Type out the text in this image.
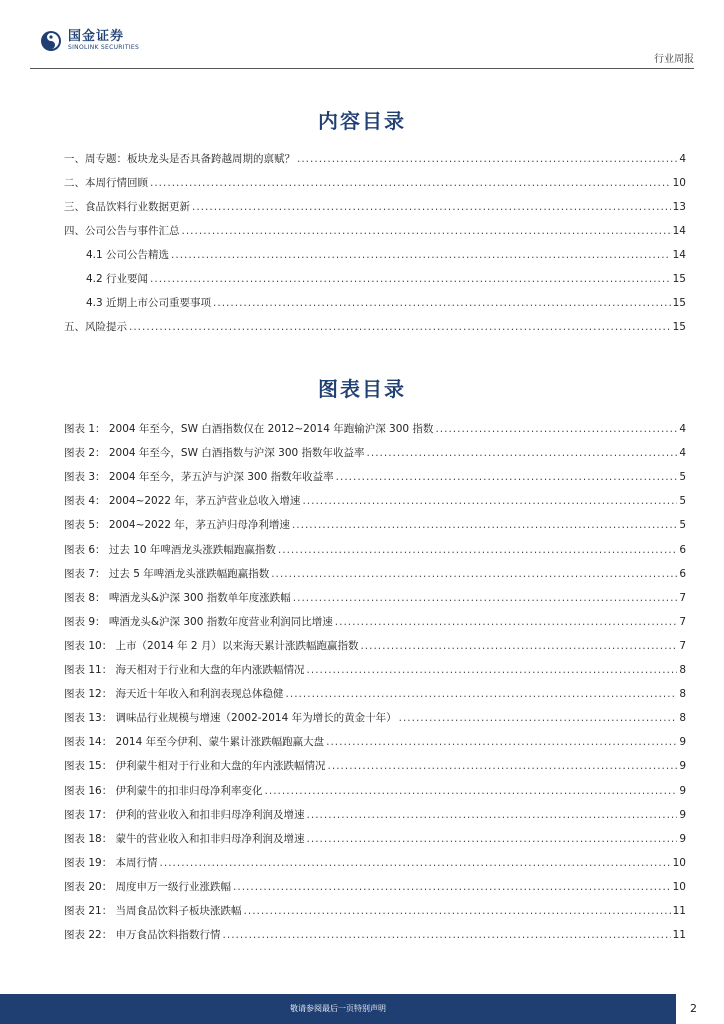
国金证券
SINOLINK SECURITIES
行业周报
内容目录
一、周专题：板块龙头是否具备跨越周期的禀赋？ .....	4
二、本周行情回顾 .....	10
三、食品饮料行业数据更新 .....	13
四、公司公告与事件汇总 .....	14
4.1 公司公告精选 .....	14
4.2 行业要闻 .....	15
4.3 近期上市公司重要事项 .....	15
五、风险提示 .....	15
图表目录
图表 1： 2004 年至今，SW 白酒指数仅在 2012~2014 年跑输沪深 300 指数 .....	4
图表 2： 2004 年至今，SW 白酒指数与沪深 300 指数年收益率 .....	4
图表 3： 2004 年至今，茅五泸与沪深 300 指数年收益率 .....	5
图表 4： 2004~2022 年，茅五泸营业总收入增速 .....	5
图表 5： 2004~2022 年，茅五泸归母净利增速 .....	5
图表 6： 过去 10 年啤酒龙头涨跌幅跑赢指数 .....	6
图表 7： 过去 5 年啤酒龙头涨跌幅跑赢指数 .....	6
图表 8： 啤酒龙头&沪深 300 指数单年度涨跌幅 .....	7
图表 9： 啤酒龙头&沪深 300 指数年度营业利润同比增速 .....	7
图表 10： 上市（2014 年 2 月）以来海天累计涨跌幅跑赢指数 .....	7
图表 11： 海天相对于行业和大盘的年内涨跌幅情况 .....	8
图表 12： 海天近十年收入和利润表现总体稳健 .....	8
图表 13： 调味品行业规模与增速（2002-2014 年为增长的黄金十年） .....	8
图表 14： 2014 年至今伊利、蒙牛累计涨跌幅跑赢大盘 .....	9
图表 15： 伊利蒙牛相对于行业和大盘的年内涨跌幅情况 .....	9
图表 16： 伊利蒙牛的扣非归母净利率变化 .....	9
图表 17： 伊利的营业收入和扣非归母净利润及增速 .....	9
图表 18： 蒙牛的营业收入和扣非归母净利润及增速 .....	9
图表 19： 本周行情 .....	10
图表 20： 周度申万一级行业涨跌幅 .....	10
图表 21： 当周食品饮料子板块涨跌幅 .....	11
图表 22： 申万食品饮料指数行情 .....	11
敬请参阅最后一页特别声明	2
